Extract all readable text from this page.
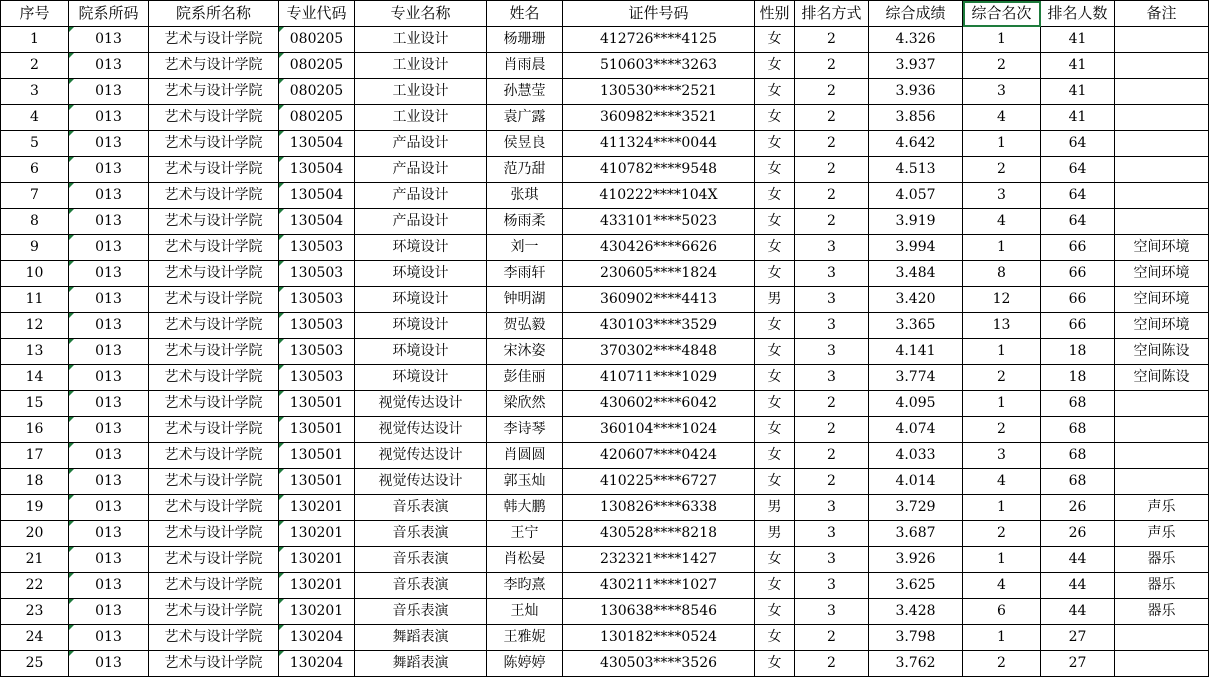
序号	院系所码	院系所名称	专业代码	专业名称	姓名	证件号码	性别	排名方式	综合成绩	综合名次	排名人数	备注
1	013	艺术与设计学院	080205	工业设计	杨珊珊	412726****4125	女	2	4.326	1	41	
2	013	艺术与设计学院	080205	工业设计	肖雨晨	510603****3263	女	2	3.937	2	41	
3	013	艺术与设计学院	080205	工业设计	孙慧莹	130530****2521	女	2	3.936	3	41	
4	013	艺术与设计学院	080205	工业设计	袁广露	360982****3521	女	2	3.856	4	41	
5	013	艺术与设计学院	130504	产品设计	侯昱良	411324****0044	女	2	4.642	1	64	
6	013	艺术与设计学院	130504	产品设计	范乃甜	410782****9548	女	2	4.513	2	64	
7	013	艺术与设计学院	130504	产品设计	张琪	410222****104X	女	2	4.057	3	64	
8	013	艺术与设计学院	130504	产品设计	杨雨柔	433101****5023	女	2	3.919	4	64	
9	013	艺术与设计学院	130503	环境设计	刘一	430426****6626	女	3	3.994	1	66	空间环境
10	013	艺术与设计学院	130503	环境设计	李雨轩	230605****1824	女	3	3.484	8	66	空间环境
11	013	艺术与设计学院	130503	环境设计	钟明湖	360902****4413	男	3	3.420	12	66	空间环境
12	013	艺术与设计学院	130503	环境设计	贺弘毅	430103****3529	女	3	3.365	13	66	空间环境
13	013	艺术与设计学院	130503	环境设计	宋沐姿	370302****4848	女	3	4.141	1	18	空间陈设
14	013	艺术与设计学院	130503	环境设计	彭佳丽	410711****1029	女	3	3.774	2	18	空间陈设
15	013	艺术与设计学院	130501	视觉传达设计	梁欣然	430602****6042	女	2	4.095	1	68	
16	013	艺术与设计学院	130501	视觉传达设计	李诗琴	360104****1024	女	2	4.074	2	68	
17	013	艺术与设计学院	130501	视觉传达设计	肖圆圆	420607****0424	女	2	4.033	3	68	
18	013	艺术与设计学院	130501	视觉传达设计	郭玉灿	410225****6727	女	2	4.014	4	68	
19	013	艺术与设计学院	130201	音乐表演	韩大鹏	130826****6338	男	3	3.729	1	26	声乐
20	013	艺术与设计学院	130201	音乐表演	王宁	430528****8218	男	3	3.687	2	26	声乐
21	013	艺术与设计学院	130201	音乐表演	肖松晏	232321****1427	女	3	3.926	1	44	器乐
22	013	艺术与设计学院	130201	音乐表演	李昀熹	430211****1027	女	3	3.625	4	44	器乐
23	013	艺术与设计学院	130201	音乐表演	王灿	130638****8546	女	3	3.428	6	44	器乐
24	013	艺术与设计学院	130204	舞蹈表演	王雅妮	130182****0524	女	2	3.798	1	27	
25	013	艺术与设计学院	130204	舞蹈表演	陈婷婷	430503****3526	女	2	3.762	2	27	
